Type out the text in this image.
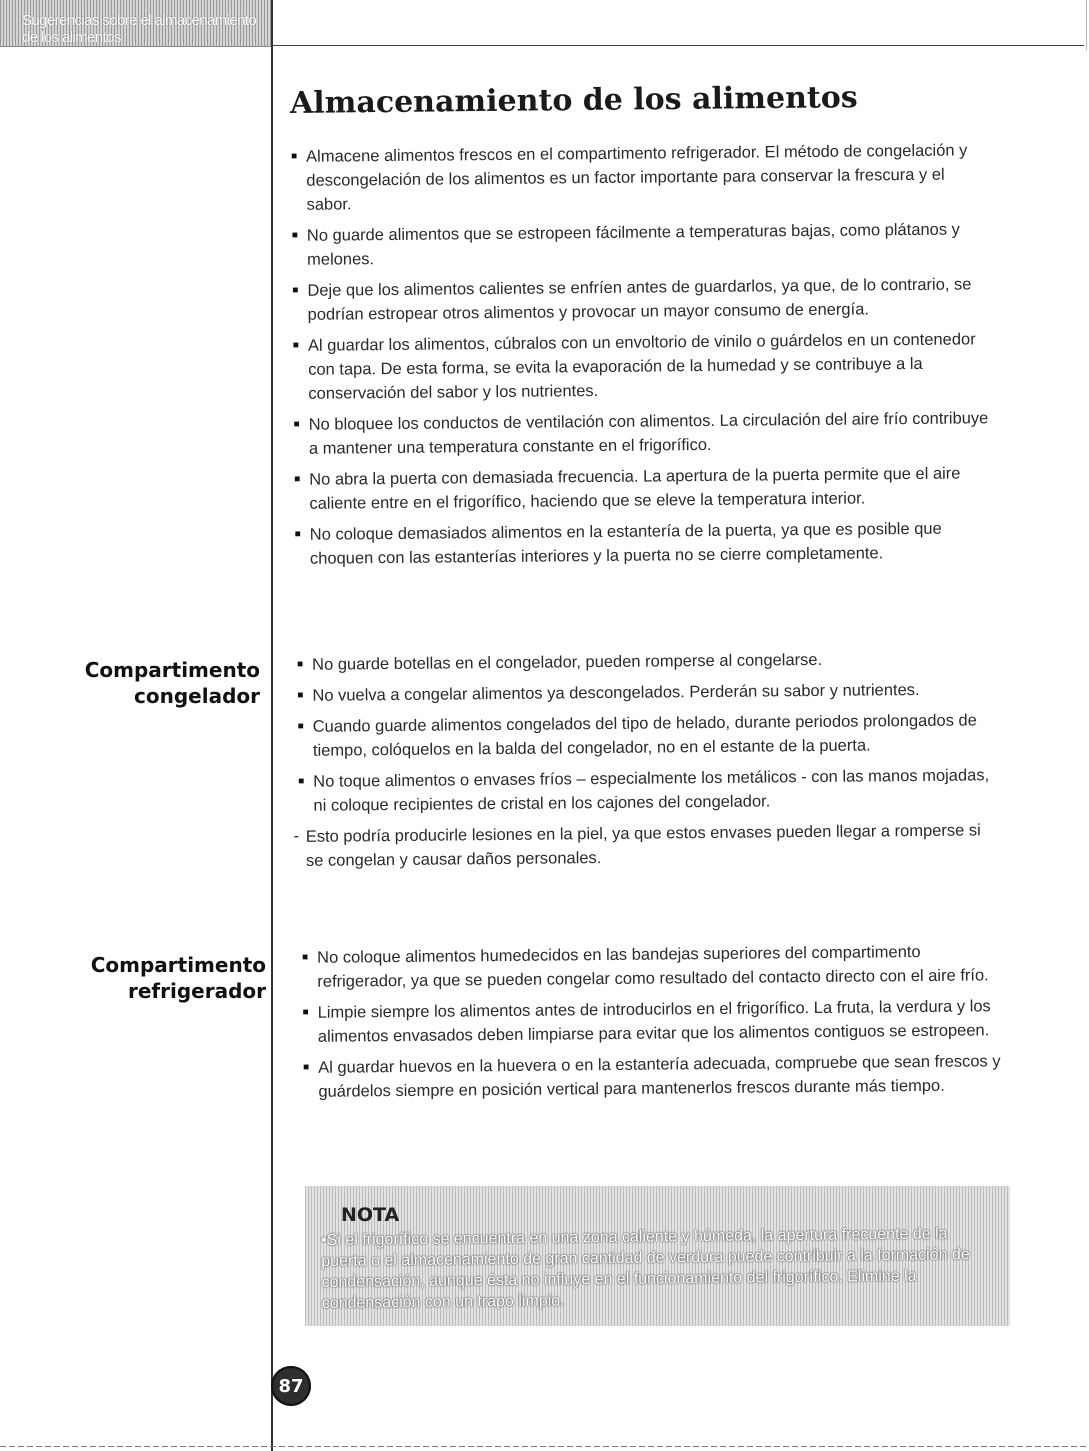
Sugerencias sobre el almacenamiento de los alimentos
Almacenamiento de los alimentos
■ Almacene alimentos frescos en el compartimento refrigerador. El método de congelación y descongelación de los alimentos es un factor importante para conservar la frescura y el sabor.
■ No guarde alimentos que se estropeen fácilmente a temperaturas bajas, como plátanos y melones.
■ Deje que los alimentos calientes se enfríen antes de guardarlos, ya que, de lo contrario, se podrían estropear otros alimentos y provocar un mayor consumo de energía.
■ Al guardar los alimentos, cúbralos con un envoltorio de vinilo o guárdelos en un contenedor con tapa. De esta forma, se evita la evaporación de la humedad y se contribuye a la conservación del sabor y los nutrientes.
■ No bloquee los conductos de ventilación con alimentos. La circulación del aire frío contribuye a mantener una temperatura constante en el frigorífico.
■ No abra la puerta con demasiada frecuencia. La apertura de la puerta permite que el aire caliente entre en el frigorífico, haciendo que se eleve la temperatura interior.
■ No coloque demasiados alimentos en la estantería de la puerta, ya que es posible que choquen con las estanterías interiores y la puerta no se cierre completamente.
Compartimento
congelador
■ No guarde botellas en el congelador, pueden romperse al congelarse.
■ No vuelva a congelar alimentos ya descongelados. Perderán su sabor y nutrientes.
■ Cuando guarde alimentos congelados del tipo de helado, durante periodos prolongados de tiempo, colóquelos en la balda del congelador, no en el estante de la puerta.
■ No toque alimentos o envases fríos – especialmente los metálicos - con las manos mojadas, ni coloque recipientes de cristal en los cajones del congelador.
- Esto podría producirle lesiones en la piel, ya que estos envases pueden llegar a romperse si se congelan y causar daños personales.
Compartimento
refrigerador
■ No coloque alimentos humedecidos en las bandejas superiores del compartimento refrigerador, ya que se pueden congelar como resultado del contacto directo con el aire frío.
■ Limpie siempre los alimentos antes de introducirlos en el frigorífico. La fruta, la verdura y los alimentos envasados deben limpiarse para evitar que los alimentos contiguos se estropeen.
■ Al guardar huevos en la huevera o en la estantería adecuada, compruebe que sean frescos y guárdelos siempre en posición vertical para mantenerlos frescos durante más tiempo.
NOTA
•Si el frigorífico se encuentra en una zona caliente y húmeda, la apertura frecuente de la puerta o el almacenamiento de gran cantidad de verdura puede contribuir a la formación de condensación, aunque ésta no influye en el funcionamiento del frigorífico. Elimine la condensación con un trapo limpio.
87
